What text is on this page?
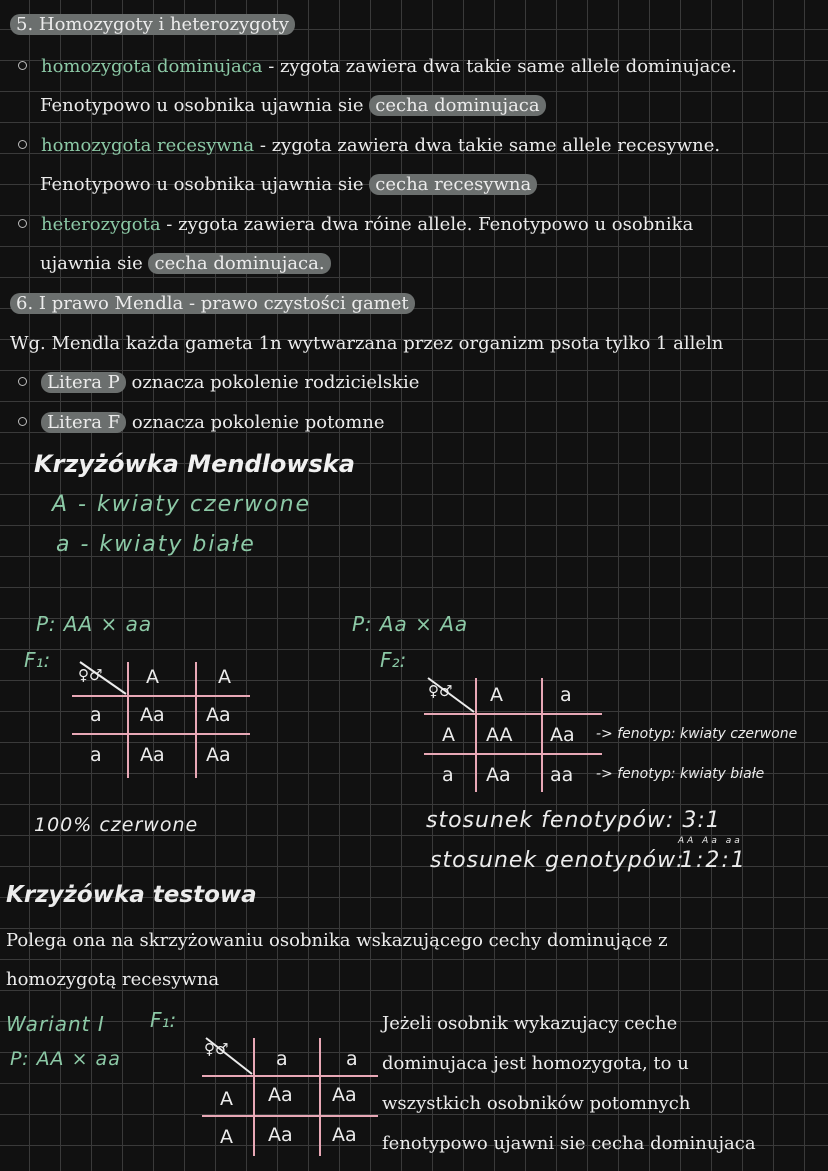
5. Homozygoty i heterozygoty
homozygota dominujaca - zygota zawiera dwa takie same allele dominujace.
Fenotypowo u osobnika ujawnia sie cecha dominujaca
homozygota recesywna - zygota zawiera dwa takie same allele recesywne.
Fenotypowo u osobnika ujawnia sie cecha recesywna
heterozygota - zygota zawiera dwa róine allele. Fenotypowo u osobnika
ujawnia sie cecha dominujaca.
6. I prawo Mendla - prawo czystości gamet
Wg. Mendla każda gameta 1n wytwarzana przez organizm psota tylko 1 alleln
Litera P oznacza pokolenie rodzicielskie
Litera F oznacza pokolenie potomne
Krzyżówka Mendlowska
A - kwiaty czerwone
a - kwiaty białe
P: AA × aa
F₁:
♀♂ A	A
a Aa Aa
a Aa Aa
100% czerwone
P: Aa × Aa
F₂:
♀♂ A	a
A AA Aa
a Aa aa
-> fenotyp: kwiaty czerwone
-> fenotyp: kwiaty białe
stosunek fenotypów: 3:1
stosunek genotypów:
AA Aa aa
1:2:1
Krzyżówka testowa
Polega ona na skrzyżowaniu osobnika wskazującego cechy dominujące z
homozygotą recesywna
Wariant I F₁:
P: AA × aa	♀♂	a	a
A Aa Aa
A Aa Aa
Jeżeli osobnik wykazujacy ceche
dominujaca jest homozygota, to u
wszystkich osobników potomnych
fenotypowo ujawni sie cecha dominujaca
